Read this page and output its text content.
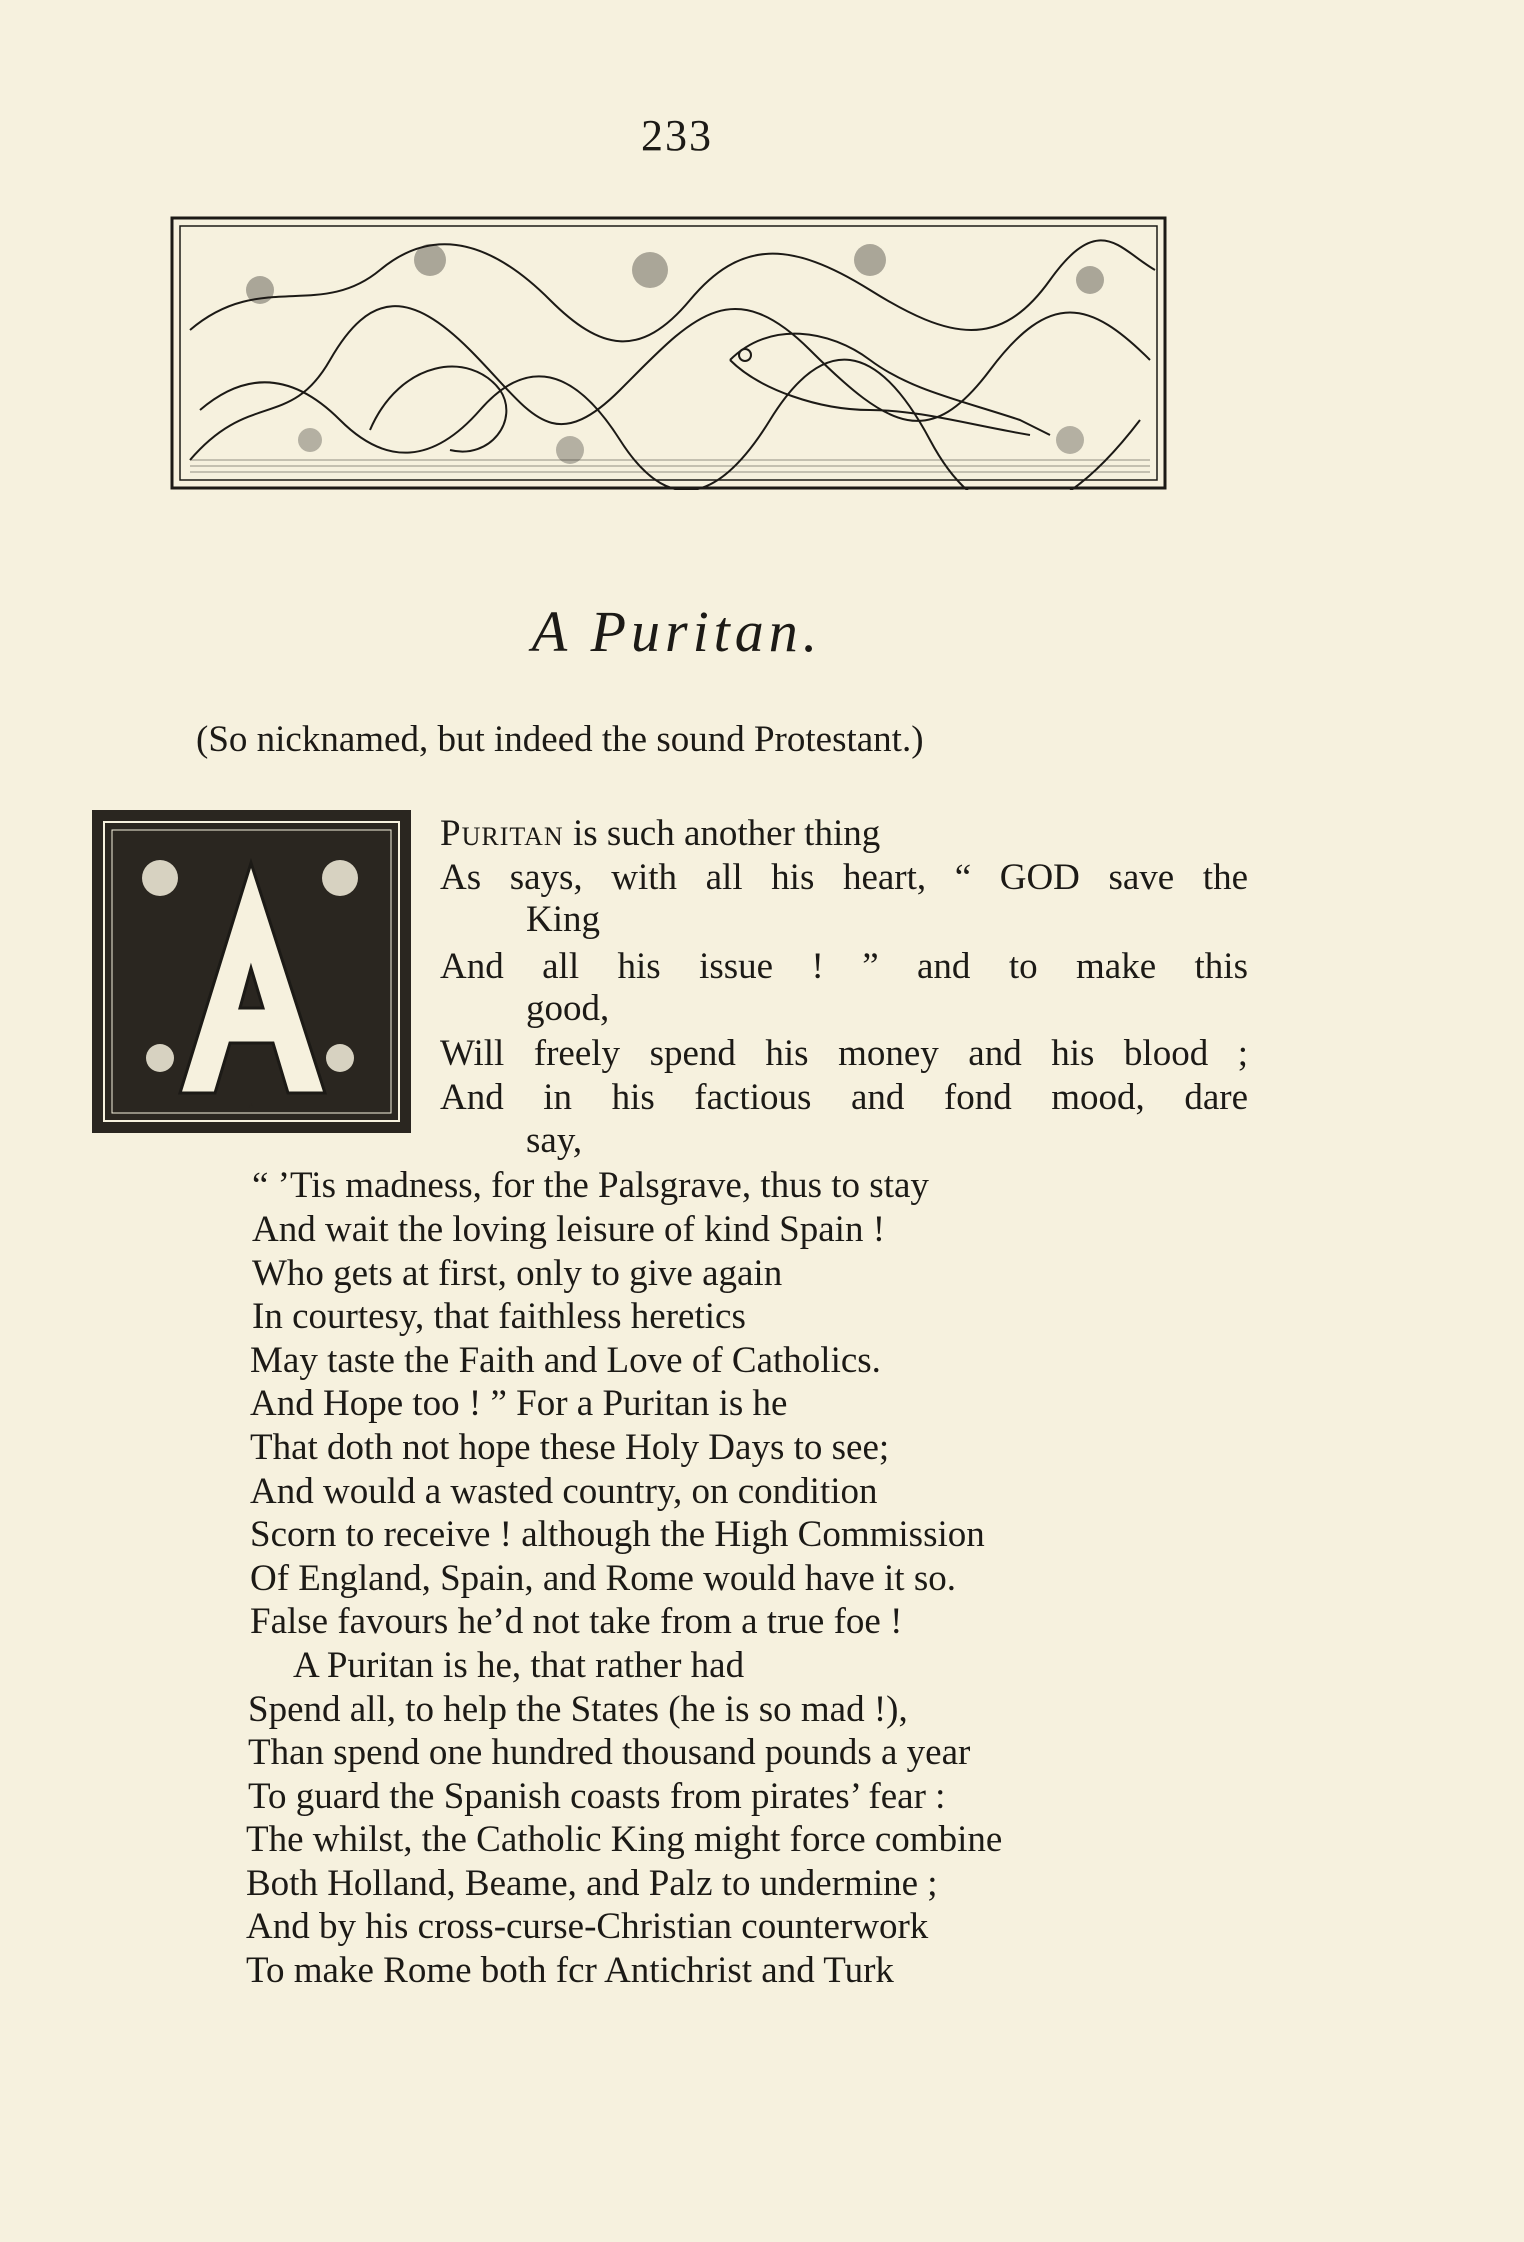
233
A Puritan.
(So nicknamed, but indeed the sound Protestant.)
A
Puritan is such another thing
As says, with all his heart, “ GOD save the
King
And all his issue ! ” and to make this
good,
Will freely spend his money and his blood ;
And in his factious and fond mood, dare
say,
“ ’Tis madness, for the Palsgrave, thus to stay
And wait the loving leisure of kind Spain !
Who gets at first, only to give again
In courtesy, that faithless heretics
May taste the Faith and Love of Catholics.
And Hope too ! ” For a Puritan is he
That doth not hope these Holy Days to see;
And would a wasted country, on condition
Scorn to receive ! although the High Commission
Of England, Spain, and Rome would have it so.
False favours he’d not take from a true foe !
A Puritan is he, that rather had
Spend all, to help the States (he is so mad !),
Than spend one hundred thousand pounds a year
To guard the Spanish coasts from pirates’ fear :
The whilst, the Catholic King might force combine
Both Holland, Beame, and Palz to undermine ;
And by his cross-curse-Christian counterwork
To make Rome both fcr Antichrist and Turk
